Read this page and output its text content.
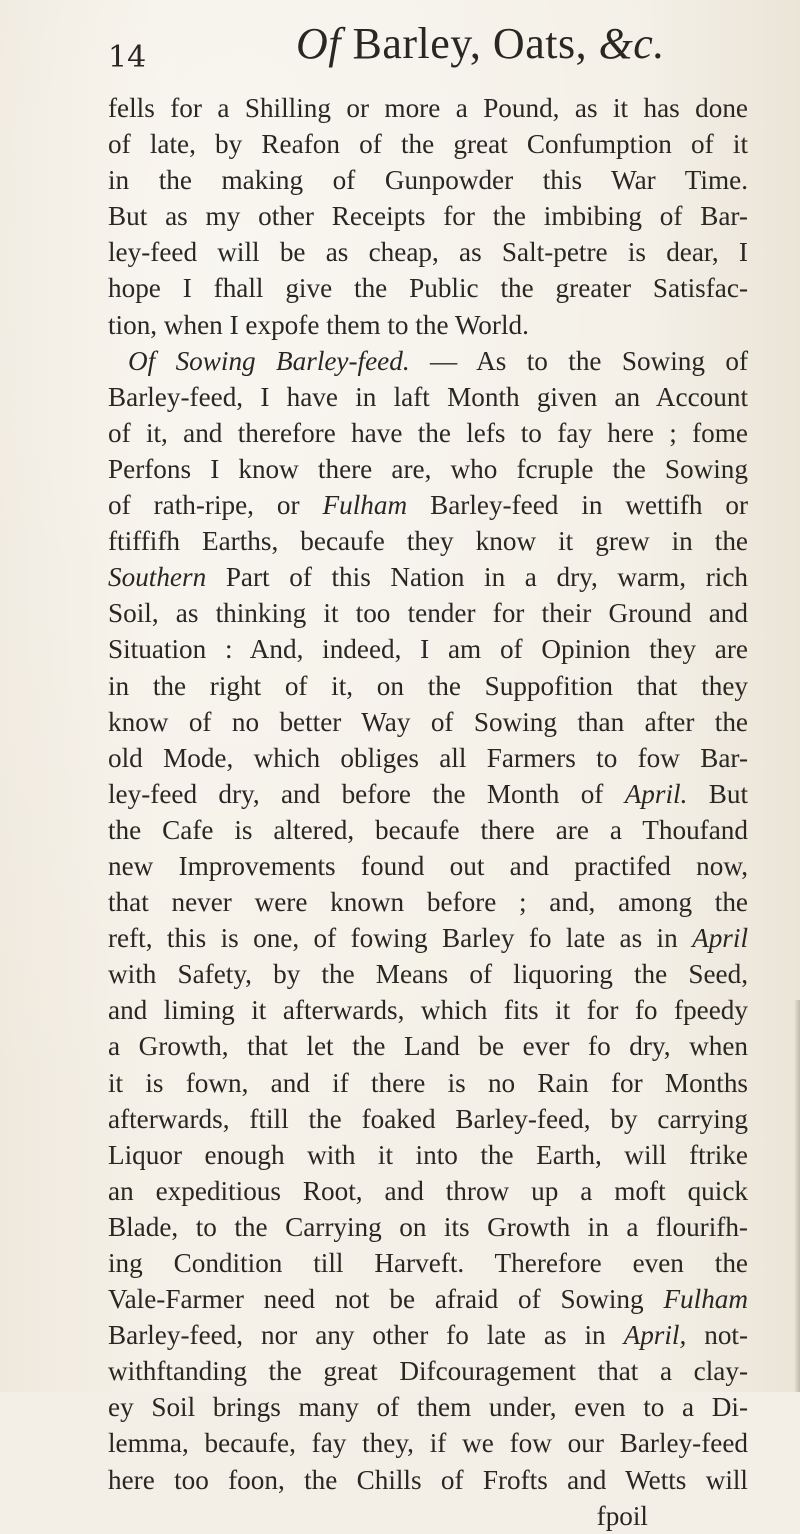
14	Of Barley, Oats, &c.
fells for a Shilling or more a Pound, as it has done
of late, by Reafon of the great Confumption of it
in the making of Gunpowder this War Time.
But as my other Receipts for the imbibing of Bar-
ley-feed will be as cheap, as Salt-petre is dear, I
hope I fhall give the Public the greater Satisfac-
tion, when I expofe them to the World.
Of Sowing Barley-feed. — As to the Sowing of
Barley-feed, I have in laft Month given an Account
of it, and therefore have the lefs to fay here ; fome
Perfons I know there are, who fcruple the Sowing
of rath-ripe, or Fulham Barley-feed in wettifh or
ftiffifh Earths, becaufe they know it grew in the
Southern Part of this Nation in a dry, warm, rich
Soil, as thinking it too tender for their Ground and
Situation : And, indeed, I am of Opinion they are
in the right of it, on the Suppofition that they
know of no better Way of Sowing than after the
old Mode, which obliges all Farmers to fow Bar-
ley-feed dry, and before the Month of April. But
the Cafe is altered, becaufe there are a Thoufand
new Improvements found out and practifed now,
that never were known before ; and, among the
reft, this is one, of fowing Barley fo late as in April
with Safety, by the Means of liquoring the Seed,
and liming it afterwards, which fits it for fo fpeedy
a Growth, that let the Land be ever fo dry, when
it is fown, and if there is no Rain for Months
afterwards, ftill the foaked Barley-feed, by carrying
Liquor enough with it into the Earth, will ftrike
an expeditious Root, and throw up a moft quick
Blade, to the Carrying on its Growth in a flourifh-
ing Condition till Harveft. Therefore even the
Vale-Farmer need not be afraid of Sowing Fulham
Barley-feed, nor any other fo late as in April, not-
withftanding the great Difcouragement that a clay-
ey Soil brings many of them under, even to a Di-
lemma, becaufe, fay they, if we fow our Barley-feed
here too foon, the Chills of Frofts and Wetts will
fpoil
